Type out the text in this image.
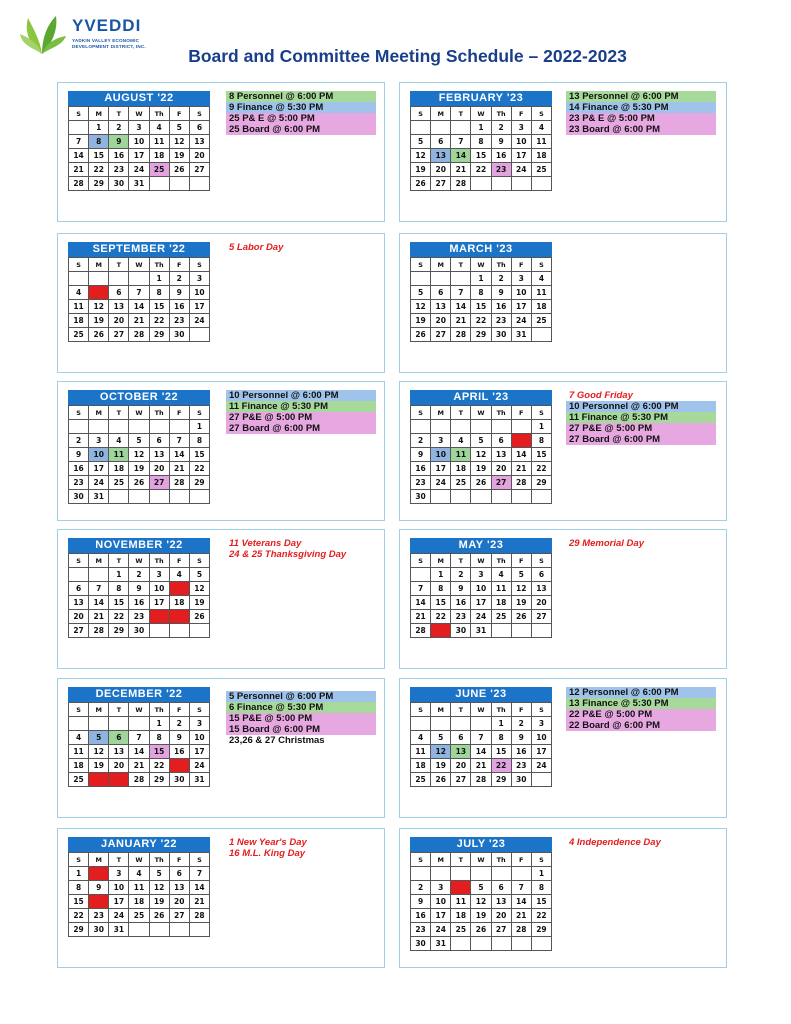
YVEDDI
YADKIN VALLEY ECONOMIC
DEVELOPMENT DISTRICT, INC.	Board and Committee Meeting Schedule – 2022-2023
AUGUST '22
S	M	T	W	Th	F	S
	1	2	3	4	5	6
7	8	9	10	11	12	13
14	15	16	17	18	19	20
21	22	23	24	25	26	27
28	29	30	31			
8 Personnel @ 6:00 PM
9 Finance @ 5:30 PM
25 P& E @ 5:00 PM
25 Board @ 6:00 PM
FEBRUARY '23
S	M	T	W	Th	F	S
			1	2	3	4
5	6	7	8	9	10	11
12	13	14	15	16	17	18
19	20	21	22	23	24	25
26	27	28				
13 Personnel @ 6:00 PM
14 Finance @ 5:30 PM
23 P& E @ 5:00 PM
23 Board @ 6:00 PM
SEPTEMBER '22
S	M	T	W	Th	F	S
				1	2	3
4	5	6	7	8	9	10
11	12	13	14	15	16	17
18	19	20	21	22	23	24
25	26	27	28	29	30	
5 Labor Day	MARCH '23
S	M	T	W	Th	F	S
			1	2	3	4
5	6	7	8	9	10	11
12	13	14	15	16	17	18
19	20	21	22	23	24	25
26	27	28	29	30	31	
OCTOBER '22
S	M	T	W	Th	F	S
						1
2	3	4	5	6	7	8
9	10	11	12	13	14	15
16	17	18	19	20	21	22
23	24	25	26	27	28	29
30	31					
10 Personnel @ 6:00 PM
11 Finance @ 5:30 PM
27 P&E @ 5:00 PM
27 Board @ 6:00 PM
APRIL '23
S	M	T	W	Th	F	S
						1
2	3	4	5	6	7	8
9	10	11	12	13	14	15
16	17	18	19	20	21	22
23	24	25	26	27	28	29
30						
7 Good Friday
10 Personnel @ 6:00 PM
11 Finance @ 5:30 PM
27 P&E @ 5:00 PM
27 Board @ 6:00 PM
NOVEMBER '22
S	M	T	W	Th	F	S
		1	2	3	4	5
6	7	8	9	10	11	12
13	14	15	16	17	18	19
20	21	22	23	24	25	26
27	28	29	30			
11 Veterans Day
24 & 25 Thanksgiving Day
MAY '23
S	M	T	W	Th	F	S
	1	2	3	4	5	6
7	8	9	10	11	12	13
14	15	16	17	18	19	20
21	22	23	24	25	26	27
28	29	30	31			
29 Memorial Day
DECEMBER '22
S	M	T	W	Th	F	S
				1	2	3
4	5	6	7	8	9	10
11	12	13	14	15	16	17
18	19	20	21	22	23	24
25	26	27	28	29	30	31
5 Personnel @ 6:00 PM
6 Finance @ 5:30 PM
15 P&E @ 5:00 PM
15 Board @ 6:00 PM
23,26 & 27 Christmas
JUNE '23
S	M	T	W	Th	F	S
				1	2	3
4	5	6	7	8	9	10
11	12	13	14	15	16	17
18	19	20	21	22	23	24
25	26	27	28	29	30	
12 Personnel @ 6:00 PM
13 Finance @ 5:30 PM
22 P&E @ 5:00 PM
22 Board @ 6:00 PM
JANUARY '22
S	M	T	W	Th	F	S
1	2	3	4	5	6	7
8	9	10	11	12	13	14
15	16	17	18	19	20	21
22	23	24	25	26	27	28
29	30	31				
1 New Year's Day
16 M.L. King Day
JULY '23
S	M	T	W	Th	F	S
						1
2	3	4	5	6	7	8
9	10	11	12	13	14	15
16	17	18	19	20	21	22
23	24	25	26	27	28	29
30	31					
4 Independence Day
